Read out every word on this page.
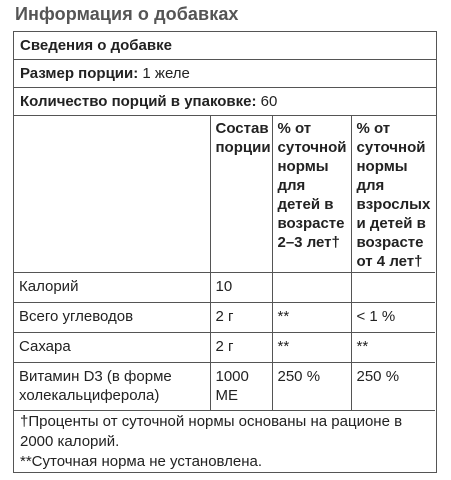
Информация о добавках
Сведения о добавке
Размер порции: 1 желе
Количество порций в упаковке: 60
	Состав порции	% от суточной нормы для детей в возрасте 2–3 лет†	% от суточной нормы для взрослых и детей в возрасте от 4 лет†
Калорий	10		
Всего углеводов	2 г	**	< 1 %
Сахара	2 г	**	**
Витамин D3 (в форме холекальциферола)	1000 МЕ	250 %	250 %
†Проценты от суточной нормы основаны на рационе в 2000 калорий.
**Суточная норма не установлена.
